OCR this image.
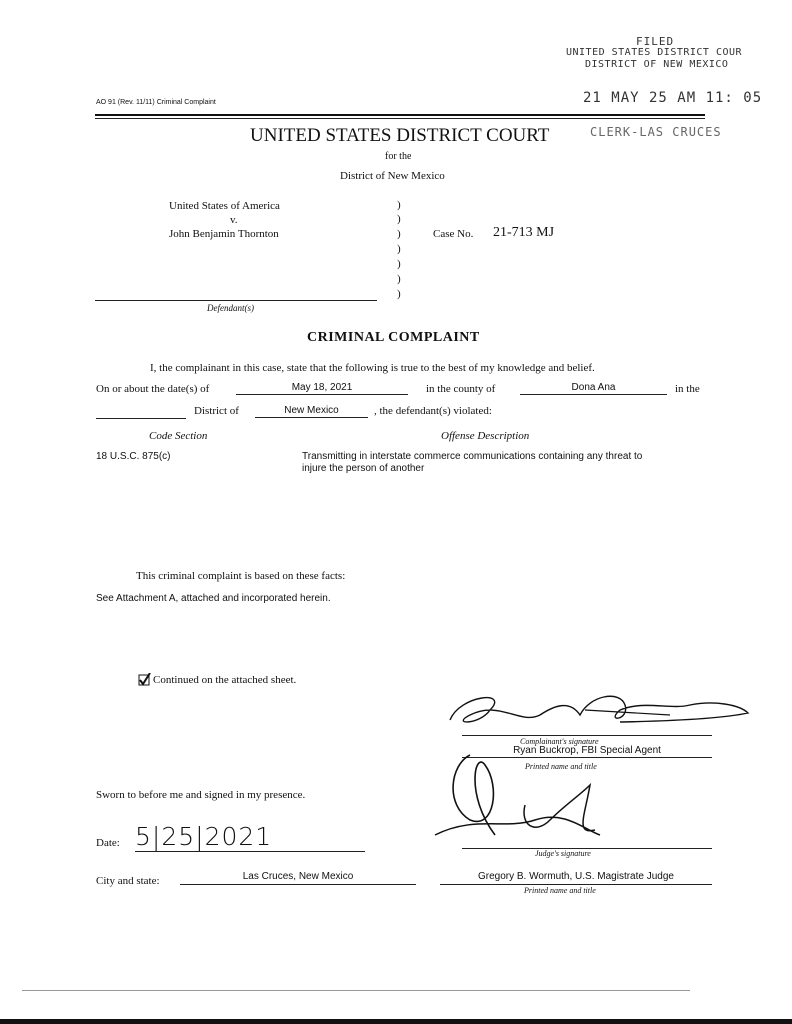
FILED
UNITED STATES DISTRICT COUR
DISTRICT OF NEW MEXICO
21 MAY 25 AM 11: 05
CLERK-LAS CRUCES
AO 91 (Rev. 11/11) Criminal Complaint
UNITED STATES DISTRICT COURT
for the
District of New Mexico
United States of America
v.
John Benjamin Thornton
)
)
)
)
)
)
)
Defendant(s)
Case No. 21-713 MJ
CRIMINAL COMPLAINT
I, the complainant in this case, state that the following is true to the best of my knowledge and belief.
On or about the date(s) of	May 18, 2021	in the county of	Dona Ana	in the
District of	New Mexico	, the defendant(s) violated:
Code Section	Offense Description
18 U.S.C. 875(c)	Transmitting in interstate commerce communications containing any threat to
injure the person of another
This criminal complaint is based on these facts:
See Attachment A, attached and incorporated herein.
Continued on the attached sheet.
Complainant's signature
Ryan Buckrop, FBI Special Agent
Printed name and title
Sworn to before me and signed in my presence.
Date: 5|25|2021
Judge's signature
City and state:	Las Cruces, New Mexico	Gregory B. Wormuth, U.S. Magistrate Judge
Printed name and title
